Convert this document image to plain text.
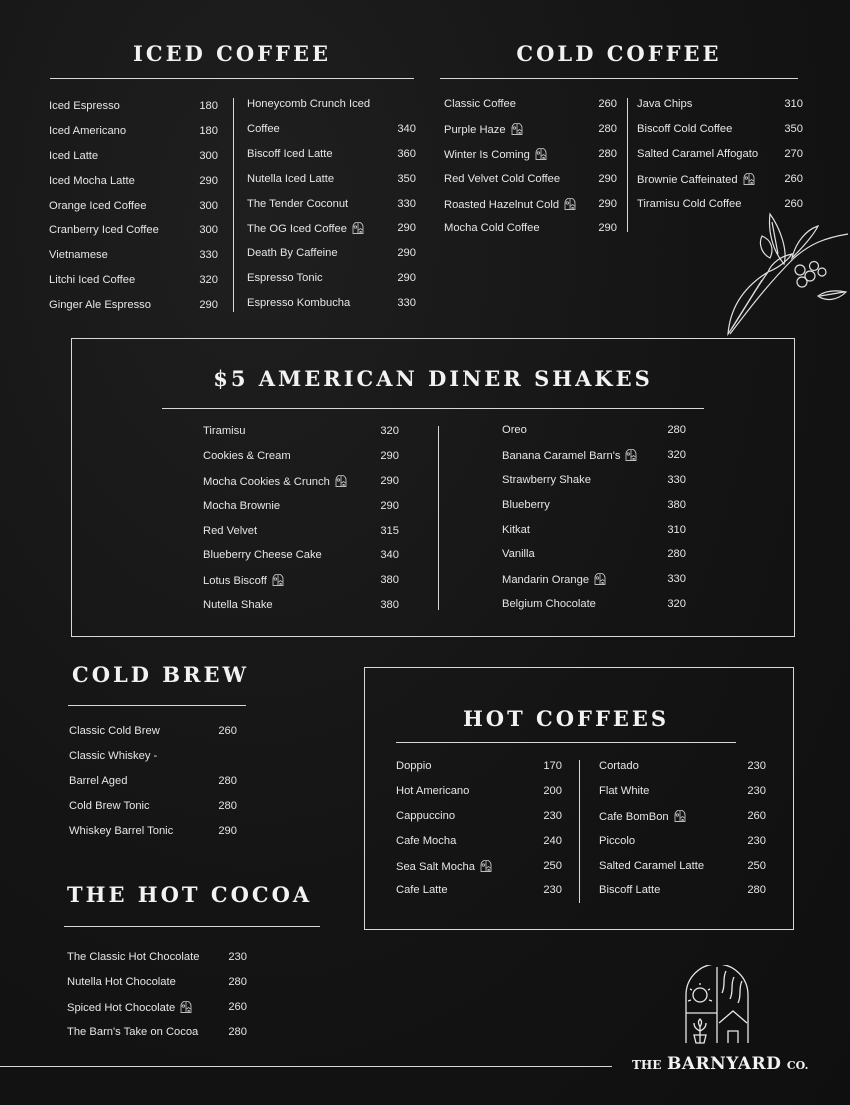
ICED COFFEE
Iced Espresso	180
Iced Americano	180
Iced Latte	300
Iced Mocha Latte	290
Orange Iced Coffee	300
Cranberry Iced Coffee	300
Vietnamese	330
Litchi Iced Coffee	320
Ginger Ale Espresso	290
Honeycomb Crunch Iced
Coffee	340
Biscoff Iced Latte	360
Nutella Iced Latte	350
The Tender Coconut	330
The OG Iced Coffee	290
Death By Caffeine	290
Espresso Tonic	290
Espresso Kombucha	330
COLD COFFEE
Classic Coffee	260
Purple Haze	280
Winter Is Coming	280
Red Velvet Cold Coffee	290
Roasted Hazelnut Cold	290
Mocha Cold Coffee	290
Java Chips	310
Biscoff Cold Coffee	350
Salted Caramel Affogato 270
Brownie Caffeinated	260
Tiramisu Cold Coffee	260
$5 AMERICAN DINER SHAKES
Tiramisu	320
Cookies & Cream	290
Mocha Cookies & Crunch	290
Mocha Brownie	290
Red Velvet	315
Blueberry Cheese Cake	340
Lotus Biscoff	380
Nutella Shake	380
Oreo	280
Banana Caramel Barn's	320
Strawberry Shake	330
Blueberry	380
Kitkat	310
Vanilla	280
Mandarin Orange	330
Belgium Chocolate	320
COLD BREW
Classic Cold Brew	260
Classic Whiskey -
Barrel Aged	280
Cold Brew Tonic	280
Whiskey Barrel Tonic	290
HOT COFFEES
Doppio	170
Hot Americano	200
Cappuccino	230
Cafe Mocha	240
Sea Salt Mocha	250
Cafe Latte	230
Cortado	230
Flat White	230
Cafe BomBon	260
Piccolo	230
Salted Caramel Latte	250
Biscoff Latte	280
THE HOT COCOA
The Classic Hot Chocolate	230
Nutella Hot Chocolate	280
Spiced Hot Chocolate	260
The Barn's Take on Cocoa	280
THE BARNYARD CO.
